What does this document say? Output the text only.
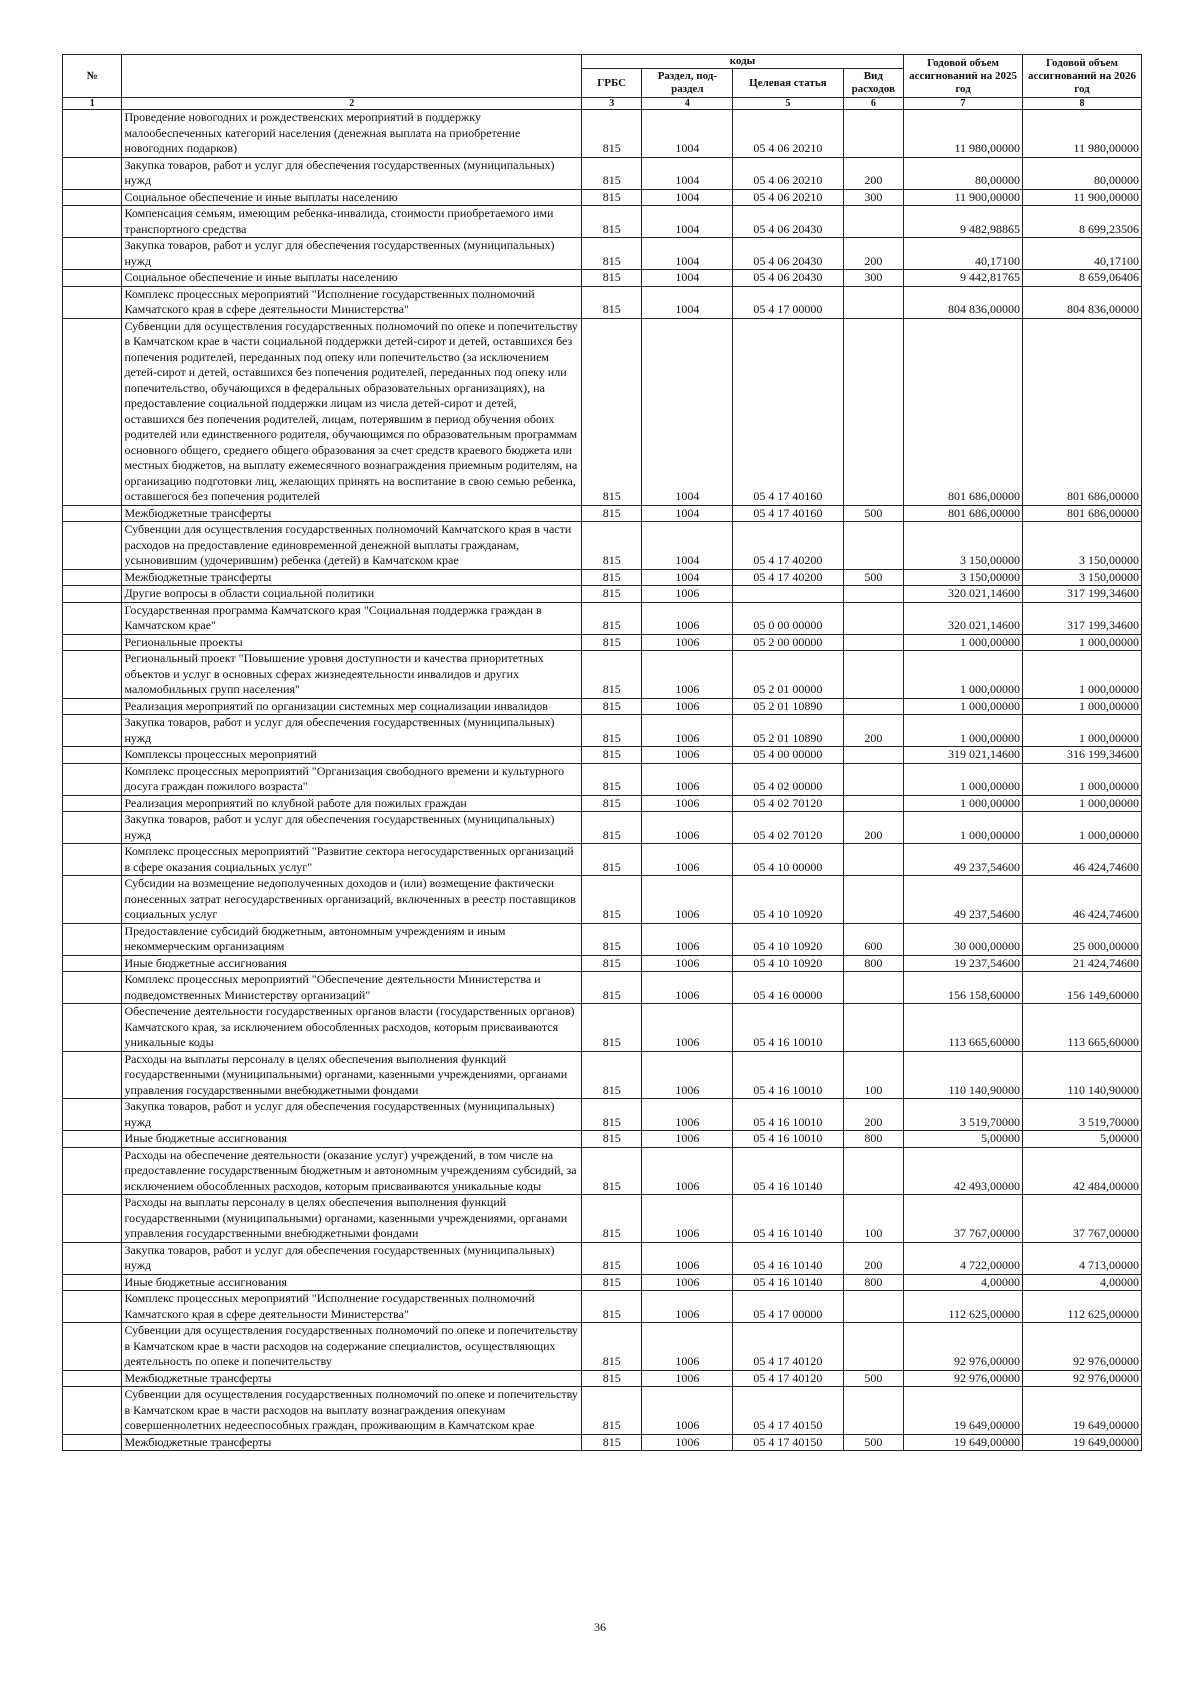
№		коды				Годовой объем ассигнований на 2025 год	Годовой объем ассигнований на 2026 год
		ГРБС	Раздел, под-раздел	Целевая статья	Вид расходов		
1	2	3	4	5	6	7	8
	Проведение новогодних и рождественских мероприятий в поддержку малообеспеченных категорий населения (денежная выплата на приобретение новогодних подарков)	815	1004	05 4 06 20210		11 980,00000	11 980,00000
	Закупка товаров, работ и услуг для обеспечения государственных (муниципальных) нужд	815	1004	05 4 06 20210	200	80,00000	80,00000
	Социальное обеспечение и иные выплаты населению	815	1004	05 4 06 20210	300	11 900,00000	11 900,00000
	Компенсация семьям, имеющим ребенка-инвалида, стоимости приобретаемого ими транспортного средства	815	1004	05 4 06 20430		9 482,98865	8 699,23506
	Закупка товаров, работ и услуг для обеспечения государственных (муниципальных) нужд	815	1004	05 4 06 20430	200	40,17100	40,17100
	Социальное обеспечение и иные выплаты населению	815	1004	05 4 06 20430	300	9 442,81765	8 659,06406
	Комплекс процессных мероприятий "Исполнение государственных полномочий Камчатского края в сфере деятельности Министерства"	815	1004	05 4 17 00000		804 836,00000	804 836,00000
	Субвенции для осуществления государственных полномочий по опеке и попечительству в Камчатском крае в части социальной поддержки детей-сирот и детей, оставшихся без попечения родителей, переданных под опеку или попечительство (за исключением детей-сирот и детей, оставшихся без попечения родителей, переданных под опеку или попечительство, обучающихся в федеральных образовательных организациях), на предоставление социальной поддержки лицам из числа детей-сирот и детей, оставшихся без попечения родителей, лицам, потерявшим в период обучения обоих родителей или единственного родителя, обучающимся по образовательным программам основного общего, среднего общего образования за счет средств краевого бюджета или местных бюджетов, на выплату ежемесячного вознаграждения приемным родителям, на организацию подготовки лиц, желающих принять на воспитание в свою семью ребенка, оставшегося без попечения родителей	815	1004	05 4 17 40160		801 686,00000	801 686,00000
	Межбюджетные трансферты	815	1004	05 4 17 40160	500	801 686,00000	801 686,00000
	Субвенции для осуществления государственных полномочий Камчатского края в части расходов на предоставление единовременной денежной выплаты гражданам, усыновившим (удочерившим) ребенка (детей) в Камчатском крае	815	1004	05 4 17 40200		3 150,00000	3 150,00000
	Межбюджетные трансферты	815	1004	05 4 17 40200	500	3 150,00000	3 150,00000
	Другие вопросы в области социальной политики	815	1006			320 021,14600	317 199,34600
	Государственная программа Камчатского края "Социальная поддержка граждан в Камчатском крае"	815	1006	05 0 00 00000		320 021,14600	317 199,34600
	Региональные проекты	815	1006	05 2 00 00000		1 000,00000	1 000,00000
	Региональный проект "Повышение уровня доступности и качества приоритетных объектов и услуг в основных сферах жизнедеятельности инвалидов и других маломобильных групп населения"	815	1006	05 2 01 00000		1 000,00000	1 000,00000
	Реализация мероприятий по организации системных мер социализации инвалидов	815	1006	05 2 01 10890		1 000,00000	1 000,00000
	Закупка товаров, работ и услуг для обеспечения государственных (муниципальных) нужд	815	1006	05 2 01 10890	200	1 000,00000	1 000,00000
	Комплексы процессных мероприятий	815	1006	05 4 00 00000		319 021,14600	316 199,34600
	Комплекс процессных мероприятий "Организация свободного времени и культурного досуга граждан пожилого возраста"	815	1006	05 4 02 00000		1 000,00000	1 000,00000
	Реализация мероприятий по клубной работе для пожилых граждан	815	1006	05 4 02 70120		1 000,00000	1 000,00000
	Закупка товаров, работ и услуг для обеспечения государственных (муниципальных) нужд	815	1006	05 4 02 70120	200	1 000,00000	1 000,00000
	Комплекс процессных мероприятий "Развитие сектора негосударственных организаций в сфере оказания социальных услуг"	815	1006	05 4 10 00000		49 237,54600	46 424,74600
	Субсидии на возмещение недополученных доходов и (или) возмещение фактически понесенных затрат негосударственных организаций, включенных в реестр поставщиков социальных услуг	815	1006	05 4 10 10920		49 237,54600	46 424,74600
	Предоставление субсидий бюджетным, автономным учреждениям и иным некоммерческим организациям	815	1006	05 4 10 10920	600	30 000,00000	25 000,00000
	Иные бюджетные ассигнования	815	1006	05 4 10 10920	800	19 237,54600	21 424,74600
	Комплекс процессных мероприятий "Обеспечение деятельности Министерства и подведомственных Министерству организаций"	815	1006	05 4 16 00000		156 158,60000	156 149,60000
	Обеспечение деятельности государственных органов власти (государственных органов) Камчатского края, за исключением обособленных расходов, которым присваиваются уникальные коды	815	1006	05 4 16 10010		113 665,60000	113 665,60000
	Расходы на выплаты персоналу в целях обеспечения выполнения функций государственными (муниципальными) органами, казенными учреждениями, органами управления государственными внебюджетными фондами	815	1006	05 4 16 10010	100	110 140,90000	110 140,90000
	Закупка товаров, работ и услуг для обеспечения государственных (муниципальных) нужд	815	1006	05 4 16 10010	200	3 519,70000	3 519,70000
	Иные бюджетные ассигнования	815	1006	05 4 16 10010	800	5,00000	5,00000
	Расходы на обеспечение деятельности (оказание услуг) учреждений, в том числе на предоставление государственным бюджетным и автономным учреждениям субсидий, за исключением обособленных расходов, которым присваиваются уникальные коды	815	1006	05 4 16 10140		42 493,00000	42 484,00000
	Расходы на выплаты персоналу в целях обеспечения выполнения функций государственными (муниципальными) органами, казенными учреждениями, органами управления государственными внебюджетными фондами	815	1006	05 4 16 10140	100	37 767,00000	37 767,00000
	Закупка товаров, работ и услуг для обеспечения государственных (муниципальных) нужд	815	1006	05 4 16 10140	200	4 722,00000	4 713,00000
	Иные бюджетные ассигнования	815	1006	05 4 16 10140	800	4,00000	4,00000
	Комплекс процессных мероприятий "Исполнение государственных полномочий Камчатского края в сфере деятельности Министерства"	815	1006	05 4 17 00000		112 625,00000	112 625,00000
	Субвенции для осуществления государственных полномочий по опеке и попечительству в Камчатском крае в части расходов на содержание специалистов, осуществляющих деятельность по опеке и попечительству	815	1006	05 4 17 40120		92 976,00000	92 976,00000
	Межбюджетные трансферты	815	1006	05 4 17 40120	500	92 976,00000	92 976,00000
	Субвенции для осуществления государственных полномочий по опеке и попечительству в Камчатском крае в части расходов на выплату вознаграждения опекунам совершеннолетних недееспособных граждан, проживающим в Камчатском крае	815	1006	05 4 17 40150		19 649,00000	19 649,00000
	Межбюджетные трансферты	815	1006	05 4 17 40150	500	19 649,00000	19 649,00000
36
